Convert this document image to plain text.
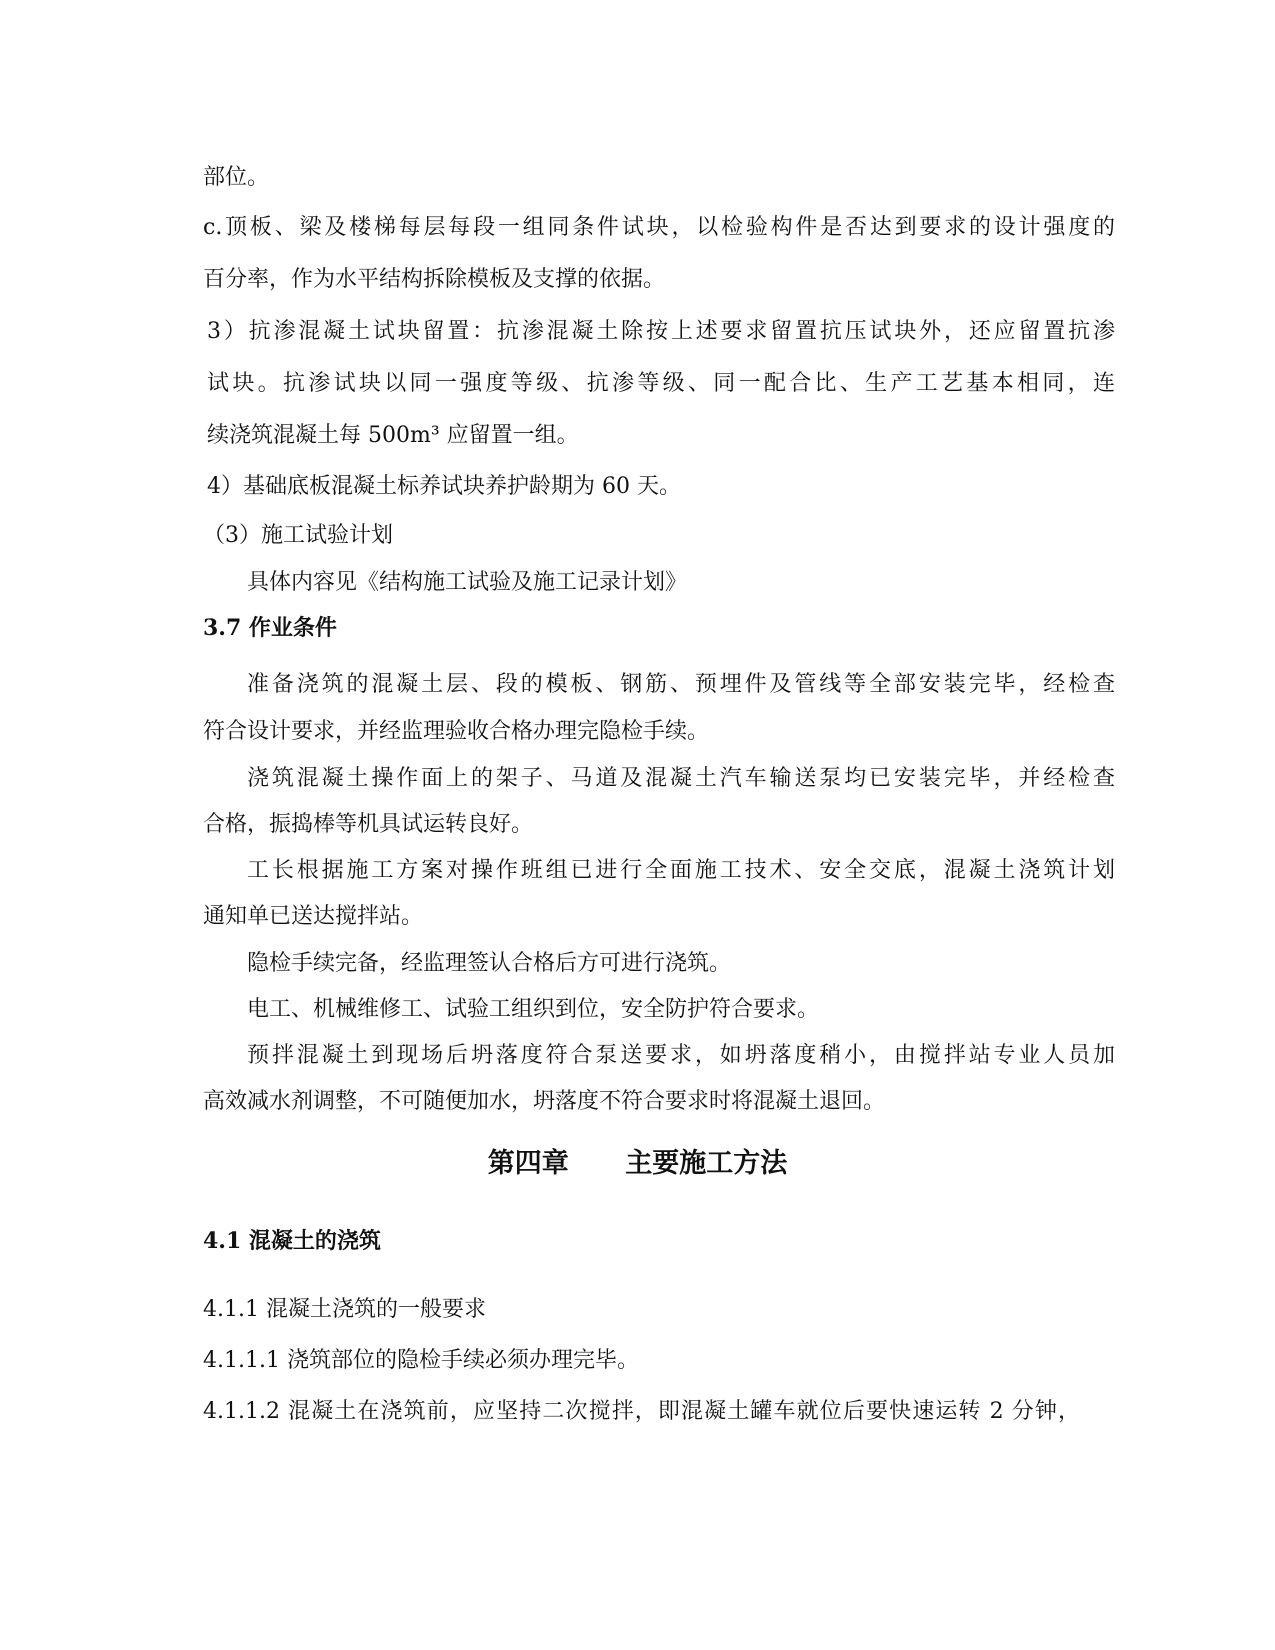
部位。
c.顶板、梁及楼梯每层每段一组同条件试块，以检验构件是否达到要求的设计强度的
百分率，作为水平结构拆除模板及支撑的依据。
3）抗渗混凝土试块留置：抗渗混凝土除按上述要求留置抗压试块外，还应留置抗渗
试块。抗渗试块以同一强度等级、抗渗等级、同一配合比、生产工艺基本相同，连
续浇筑混凝土每 500m³ 应留置一组。
4）基础底板混凝土标养试块养护龄期为 60 天。
（3）施工试验计划
具体内容见《结构施工试验及施工记录计划》
3.7 作业条件
准备浇筑的混凝土层、段的模板、钢筋、预埋件及管线等全部安装完毕，经检查
符合设计要求，并经监理验收合格办理完隐检手续。
浇筑混凝土操作面上的架子、马道及混凝土汽车输送泵均已安装完毕，并经检查
合格，振捣棒等机具试运转良好。
工长根据施工方案对操作班组已进行全面施工技术、安全交底，混凝土浇筑计划
通知单已送达搅拌站。
隐检手续完备，经监理签认合格后方可进行浇筑。
电工、机械维修工、试验工组织到位，安全防护符合要求。
预拌混凝土到现场后坍落度符合泵送要求，如坍落度稍小，由搅拌站专业人员加
高效减水剂调整，不可随便加水，坍落度不符合要求时将混凝土退回。
第四章      主要施工方法
4.1 混凝土的浇筑
4.1.1 混凝土浇筑的一般要求
4.1.1.1 浇筑部位的隐检手续必须办理完毕。
4.1.1.2 混凝土在浇筑前，应坚持二次搅拌，即混凝土罐车就位后要快速运转 2 分钟，
